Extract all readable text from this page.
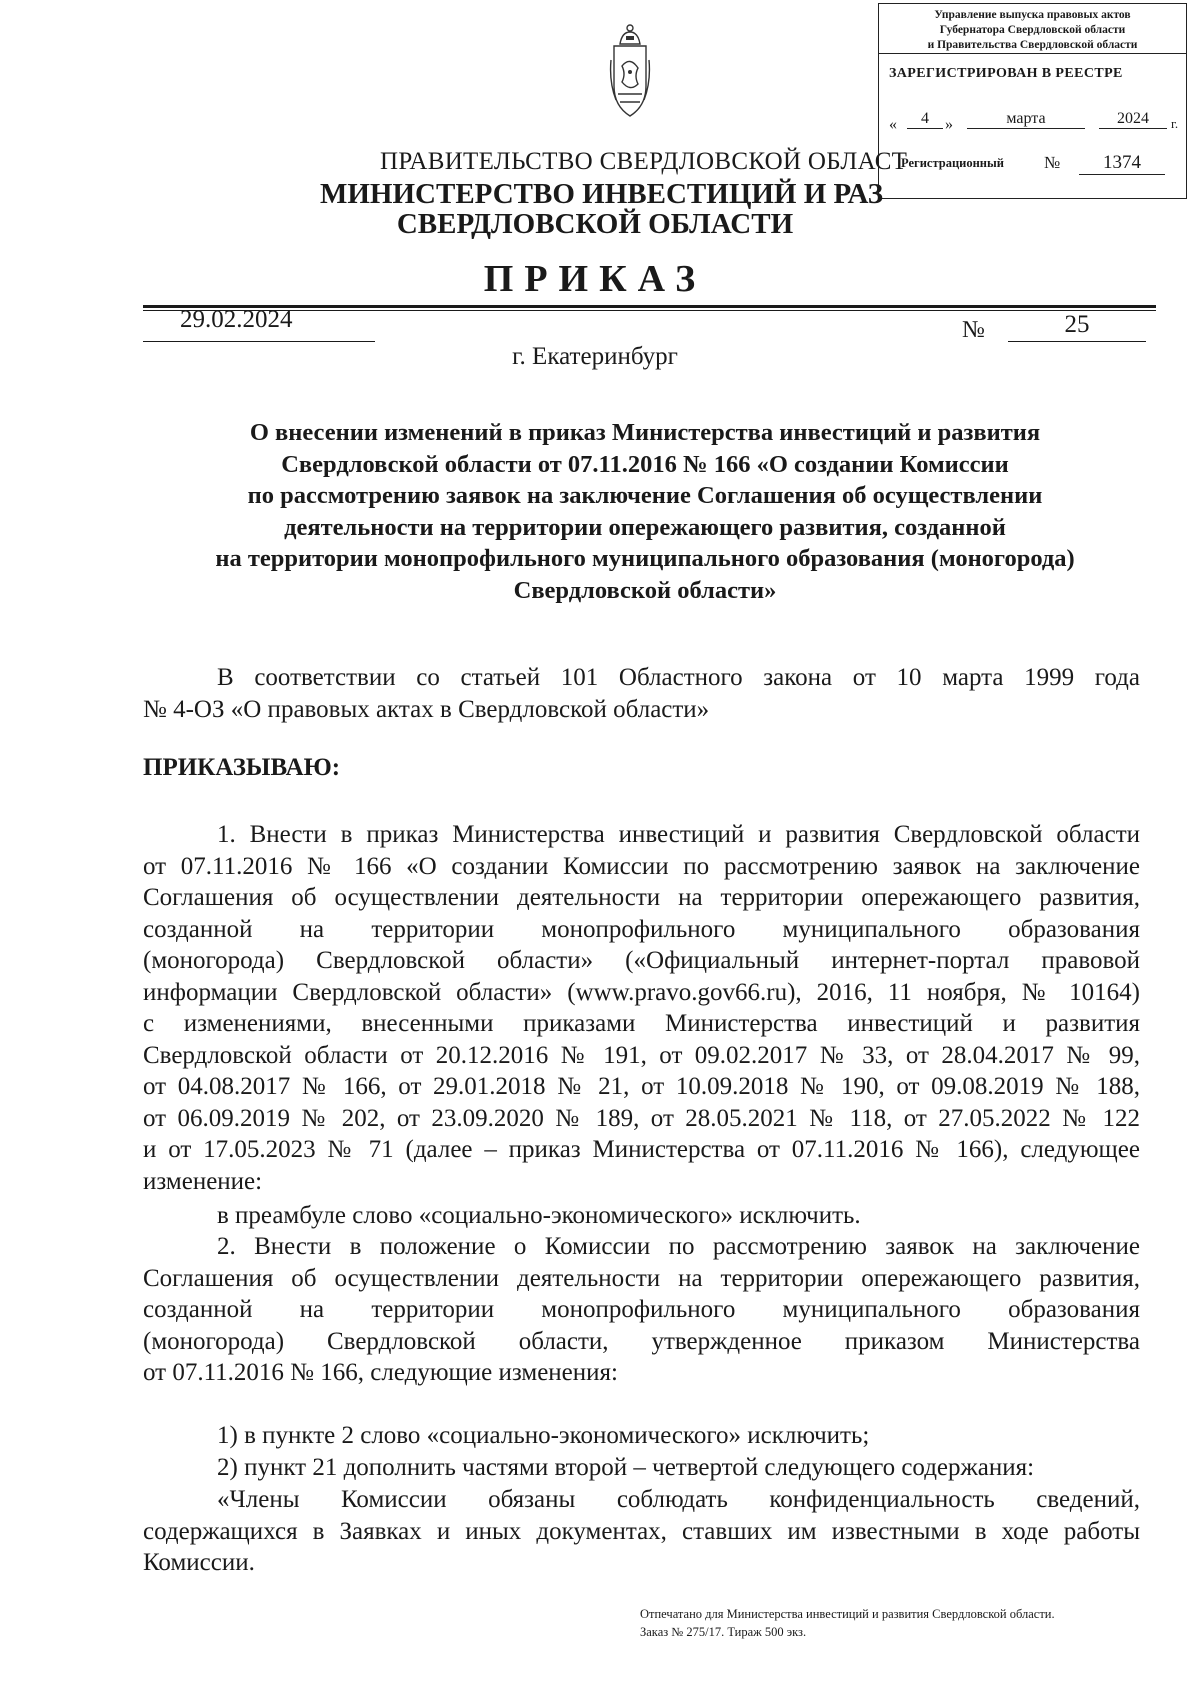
Управление выпуска правовых актов
Губернатора Свердловской области
и Правительства Свердловской области
ЗАРЕГИСТРИРОВАН В РЕЕСТРЕ
«	4	»	марта	2024	г.
Регистрационный №	1374
ПРАВИТЕЛЬСТВО СВЕРДЛОВСКОЙ ОБЛАСТ
МИНИСТЕРСТВО ИНВЕСТИЦИЙ И РАЗ
СВЕРДЛОВСКОЙ ОБЛАСТИ
ПРИКАЗ
29.02.2024	№	25
г. Екатеринбург
О внесении изменений в приказ Министерства инвестиций и развития
Свердловской области от 07.11.2016 № 166 «О создании Комиссии
по рассмотрению заявок на заключение Соглашения об осуществлении
деятельности на территории опережающего развития, созданной
на территории монопрофильного муниципального образования (моногорода)
Свердловской области»
В соответствии со статьей 101 Областного закона от 10 марта 1999 года
№ 4-ОЗ «О правовых актах в Свердловской области»
ПРИКАЗЫВАЮ:
1. Внести в приказ Министерства инвестиций и развития Свердловской области
от 07.11.2016 № 166 «О создании Комиссии по рассмотрению заявок на заключение
Соглашения об осуществлении деятельности на территории опережающего развития,
созданной на территории монопрофильного муниципального образования
(моногорода) Свердловской области» («Официальный интернет-портал правовой
информации Свердловской области» (www.pravo.gov66.ru), 2016, 11 ноября, № 10164)
с изменениями, внесенными приказами Министерства инвестиций и развития
Свердловской области от 20.12.2016 № 191, от 09.02.2017 № 33, от 28.04.2017 № 99,
от 04.08.2017 № 166, от 29.01.2018 № 21, от 10.09.2018 № 190, от 09.08.2019 № 188,
от 06.09.2019 № 202, от 23.09.2020 № 189, от 28.05.2021 № 118, от 27.05.2022 № 122
и от 17.05.2023 № 71 (далее – приказ Министерства от 07.11.2016 № 166), следующее
изменение:
в преамбуле слово «социально-экономического» исключить.
2. Внести в положение о Комиссии по рассмотрению заявок на заключение
Соглашения об осуществлении деятельности на территории опережающего развития,
созданной на территории монопрофильного муниципального образования
(моногорода) Свердловской области, утвержденное приказом Министерства
от 07.11.2016 № 166, следующие изменения:
1) в пункте 2 слово «социально-экономического» исключить;
2) пункт 21 дополнить частями второй – четвертой следующего содержания:
«Члены Комиссии обязаны соблюдать конфиденциальность сведений,
содержащихся в Заявках и иных документах, ставших им известными в ходе работы
Комиссии.
Отпечатано для Министерства инвестиций и развития Свердловской области.
Заказ № 275/17. Тираж 500 экз.
